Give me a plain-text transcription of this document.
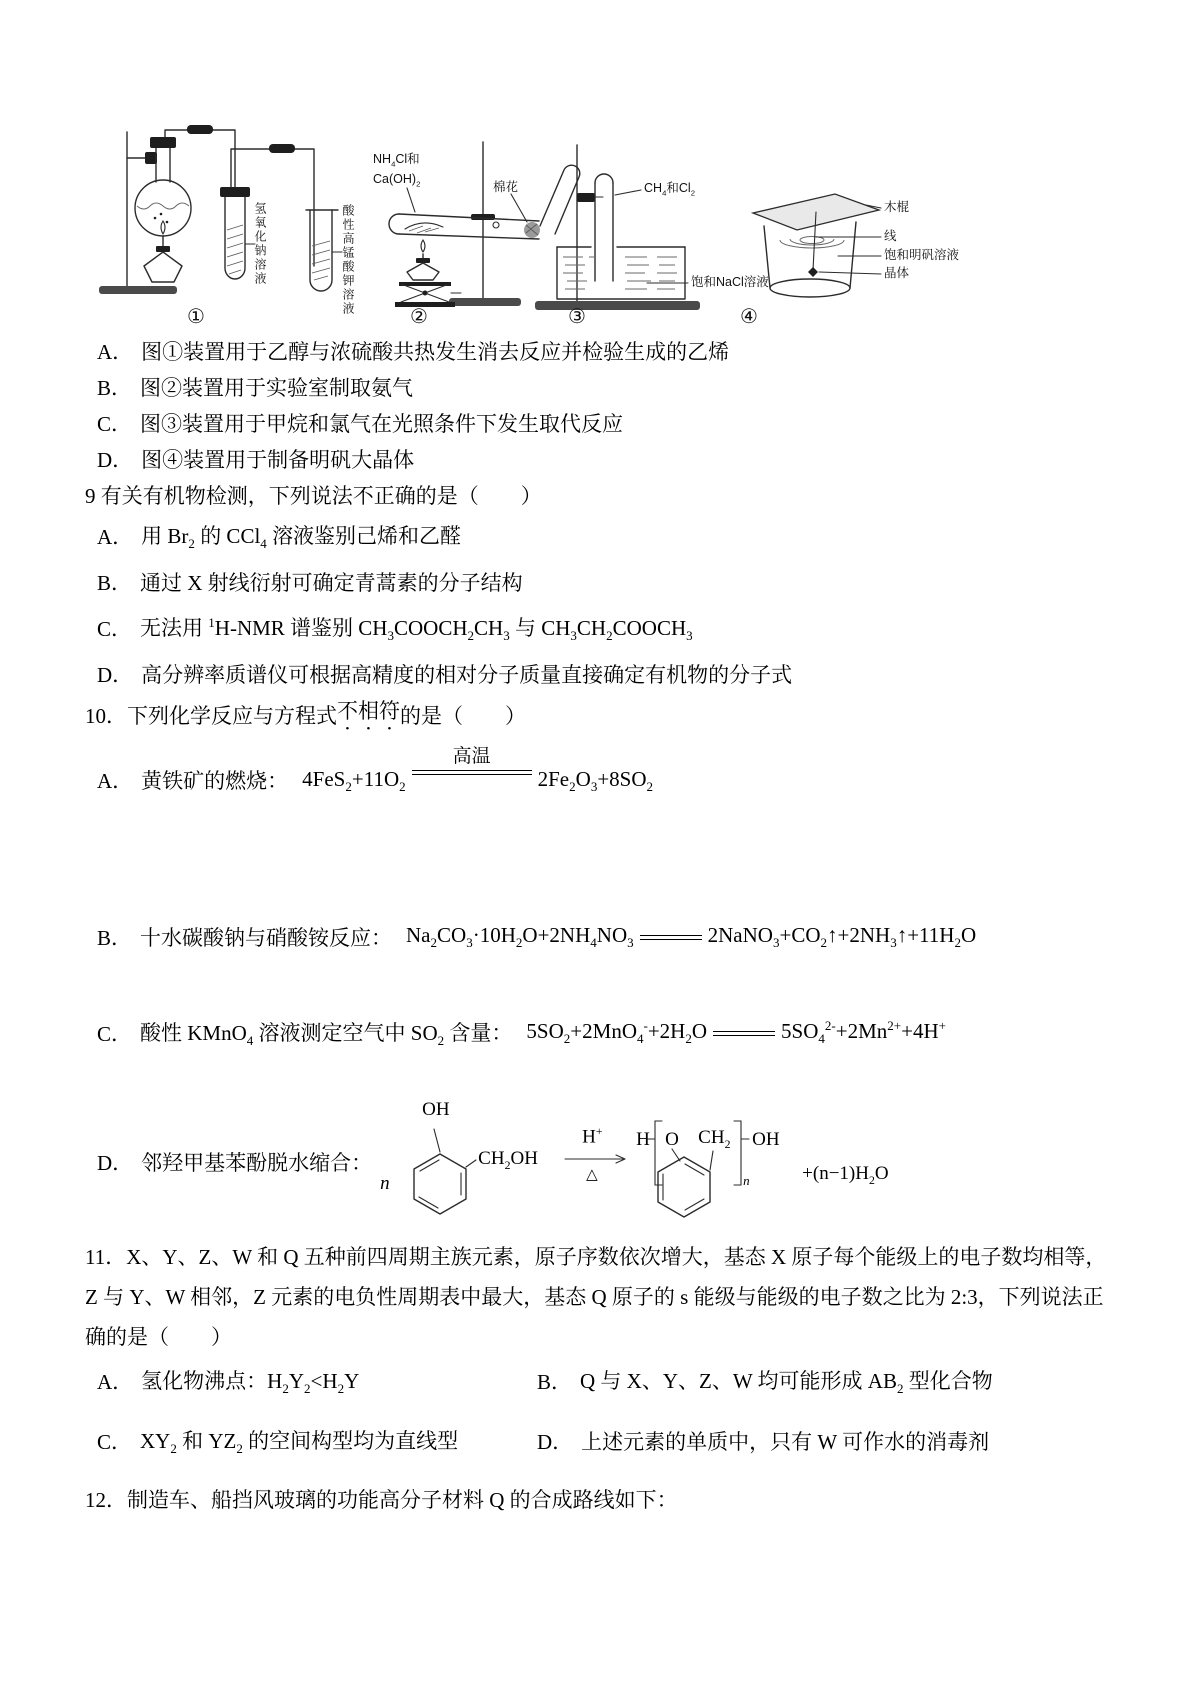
氢氧化钠溶液	酸性高锰酸钾溶液
$NH_4Cl$和
$Ca(OH)_2$	棉花	$CH_4$和$Cl_2$
饱和NaCl溶液
木棍
线
饱和明矾溶液
晶体
①	②	③	④
A． 图①装置用于乙醇与浓硫酸共热发生消去反应并检验生成的乙烯
B． 图②装置用于实验室制取氨气
C． 图③装置用于甲烷和氯气在光照条件下发生取代反应
D． 图④装置用于制备明矾大晶体
9 有关有机物检测，下列说法不正确的是（　　）
A． 用 $Br_2$ 的 CCl$_4$ 溶液鉴别己烯和乙醛
B． 通过 X 射线衍射可确定青蒿素的分子结构
C． 无法用 $^1$H-NMR 谱鉴别 $CH_3COOCH_2CH_3$ 与 $CH_3CH_2COOCH_3$
D． 高分辨率质谱仪可根据高精度的相对分子质量直接确定有机物的分子式
10．下列化学反应与方程式 不相符 的是（　　）
A． 黄铁矿的燃烧： $4FeS_2+11O_2$
高温
$2Fe_2O_3+8SO_2$
B． 十水碳酸钠与硝酸铵反应： $Na_2CO_3\cdot 10H_2O+2NH_4NO_3$	$2NaNO_3+CO_2↑+2NH_3↑+11H_2O$
C． 酸性 KMnO$_4$ 溶液测定空气中 $SO_2$ 含量： $5SO_2+2MnO_4^-+2H_2O$	$5SO_4^{2-}+2Mn^{2+}+4H^+$
D． 邻羟甲基苯酚脱水缩合：
n
OH
$CH_2OH$
H+
△
H O $CH_2$
n
OH
$+(n-1)H_2O$
11．X、Y、Z、W 和 Q 五种前四周期主族元素，原子序数依次增大，基态 X 原子每个能级上的电子数均相等，Z 与 Y、W 相邻，Z 元素的电负性周期表中最大，基态 Q 原子的 s 能级与能级的电子数之比为 2:3，下列说法正确的是（　　）
A． 氢化物沸点：$H_2Y_2<H_2Y$	B． Q 与 X、Y、Z、W 均可能形成 $AB_2$ 型化合物
C． $XY_2$ 和 $YZ_2$ 的空间构型均为直线型	D． 上述元素的单质中，只有 W 可作水的消毒剂
12．制造车、船挡风玻璃的功能高分子材料 Q 的合成路线如下：
